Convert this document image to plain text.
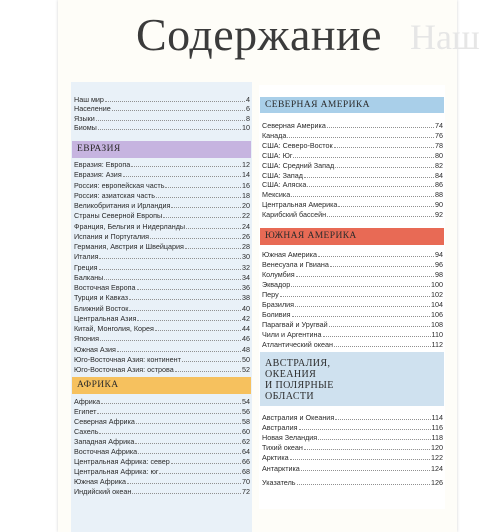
Наш
Содержание
Наш мир	4
Население	6
Языки	8
Биомы	10
ЕВРАЗИЯ
Евразия: Европа	12
Евразия: Азия	14
Россия: европейская часть	16
Россия: азиатская часть	18
Великобритания и Ирландия	20
Страны Северной Европы	22
Франция, Бельгия и Нидерланды	24
Испания и Португалия	26
Германия, Австрия и Швейцария	28
Италия	30
Греция	32
Балканы	34
Восточная Европа	36
Турция и Кавказ	38
Ближний Восток	40
Центральная Азия	42
Китай, Монголия, Корея	44
Япония	46
Южная Азия	48
Юго-Восточная Азия: континент	50
Юго-Восточная Азия: острова	52
АФРИКА
Африка	54
Египет	56
Северная Африка	58
Сахель	60
Западная Африка	62
Восточная Африка	64
Центральная Африка: север	66
Центральная Африка: юг	68
Южная Африка	70
Индийский океан	72
СЕВЕРНАЯ АМЕРИКА
Северная Америка	74
Канада	76
США: Северо-Восток	78
США: Юг	80
США: Средний Запад	82
США: Запад	84
США: Аляска	86
Мексика	88
Центральная Америка	90
Карибский бассейн	92
ЮЖНАЯ АМЕРИКА
Южная Америка	94
Венесуэла и Гвиана	96
Колумбия	98
Эквадор	100
Перу	102
Бразилия	104
Боливия	106
Парагвай и Уругвай	108
Чили и Аргентина	110
Атлантический океан	112
АВСТРАЛИЯ,
ОКЕАНИЯ
И ПОЛЯРНЫЕ
ОБЛАСТИ
Австралия и Океания	114
Австралия	116
Новая Зеландия	118
Тихий океан	120
Арктика	122
Антарктика	124
Указатель	126
